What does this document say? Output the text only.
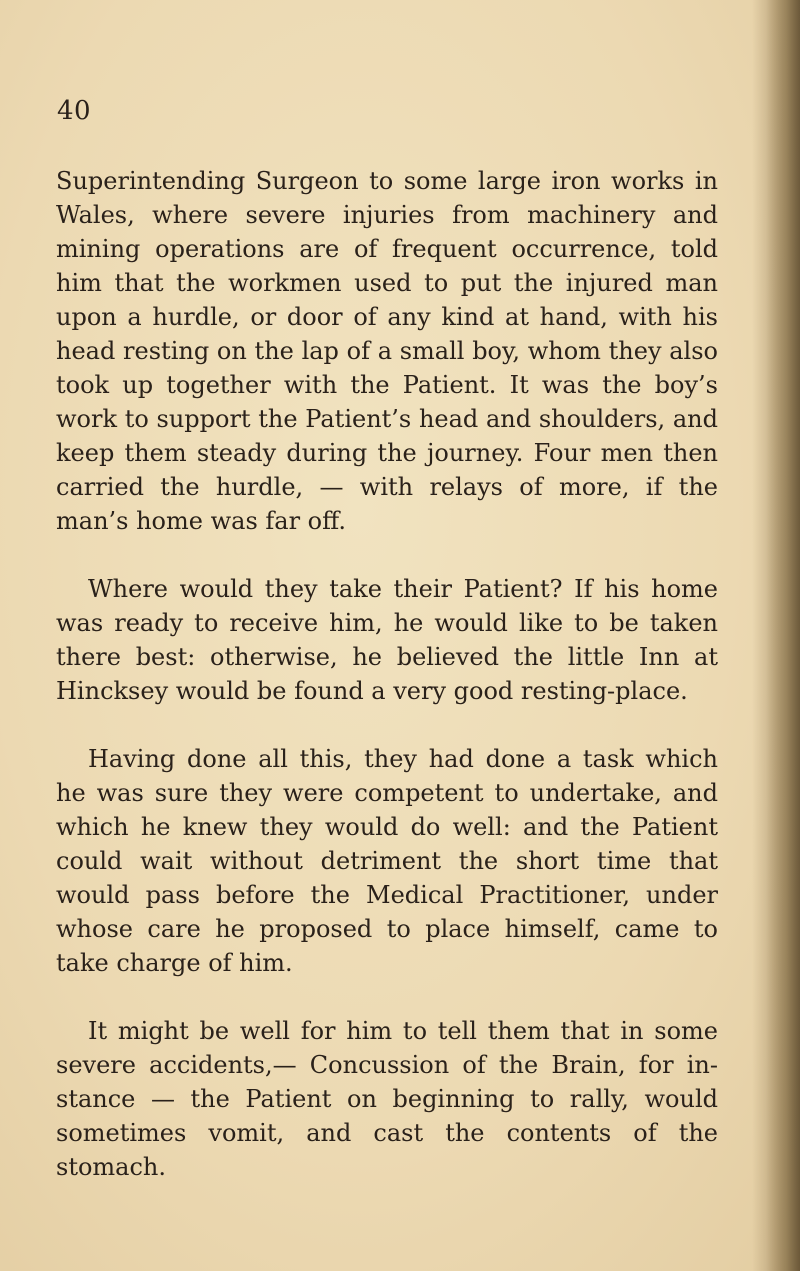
40

Superintending Surgeon to some large iron works in Wales, where severe injuries from machinery and mining operations are of frequent occurrence, told him that the workmen used to put the injured man upon a hurdle, or door of any kind at hand, with his head resting on the lap of a small boy, whom they also took up together with the Patient. It was the boy’s work to support the Patient’s head and shoulders, and keep them steady during the journey. Four men then carried the hurdle, — with relays of more, if the man’s home was far off.

Where would they take their Patient? If his home was ready to receive him, he would like to be taken there best: otherwise, he believed the little Inn at Hincksey would be found a very good resting-place.

Having done all this, they had done a task which he was sure they were competent to undertake, and which he knew they would do well: and the Patient could wait without detriment the short time that would pass before the Medical Practitioner, under whose care he proposed to place himself, came to take charge of him.

It might be well for him to tell them that in some severe accidents,— Concussion of the Brain, for instance — the Patient on beginning to rally, would sometimes vomit, and cast the contents of the stomach.
